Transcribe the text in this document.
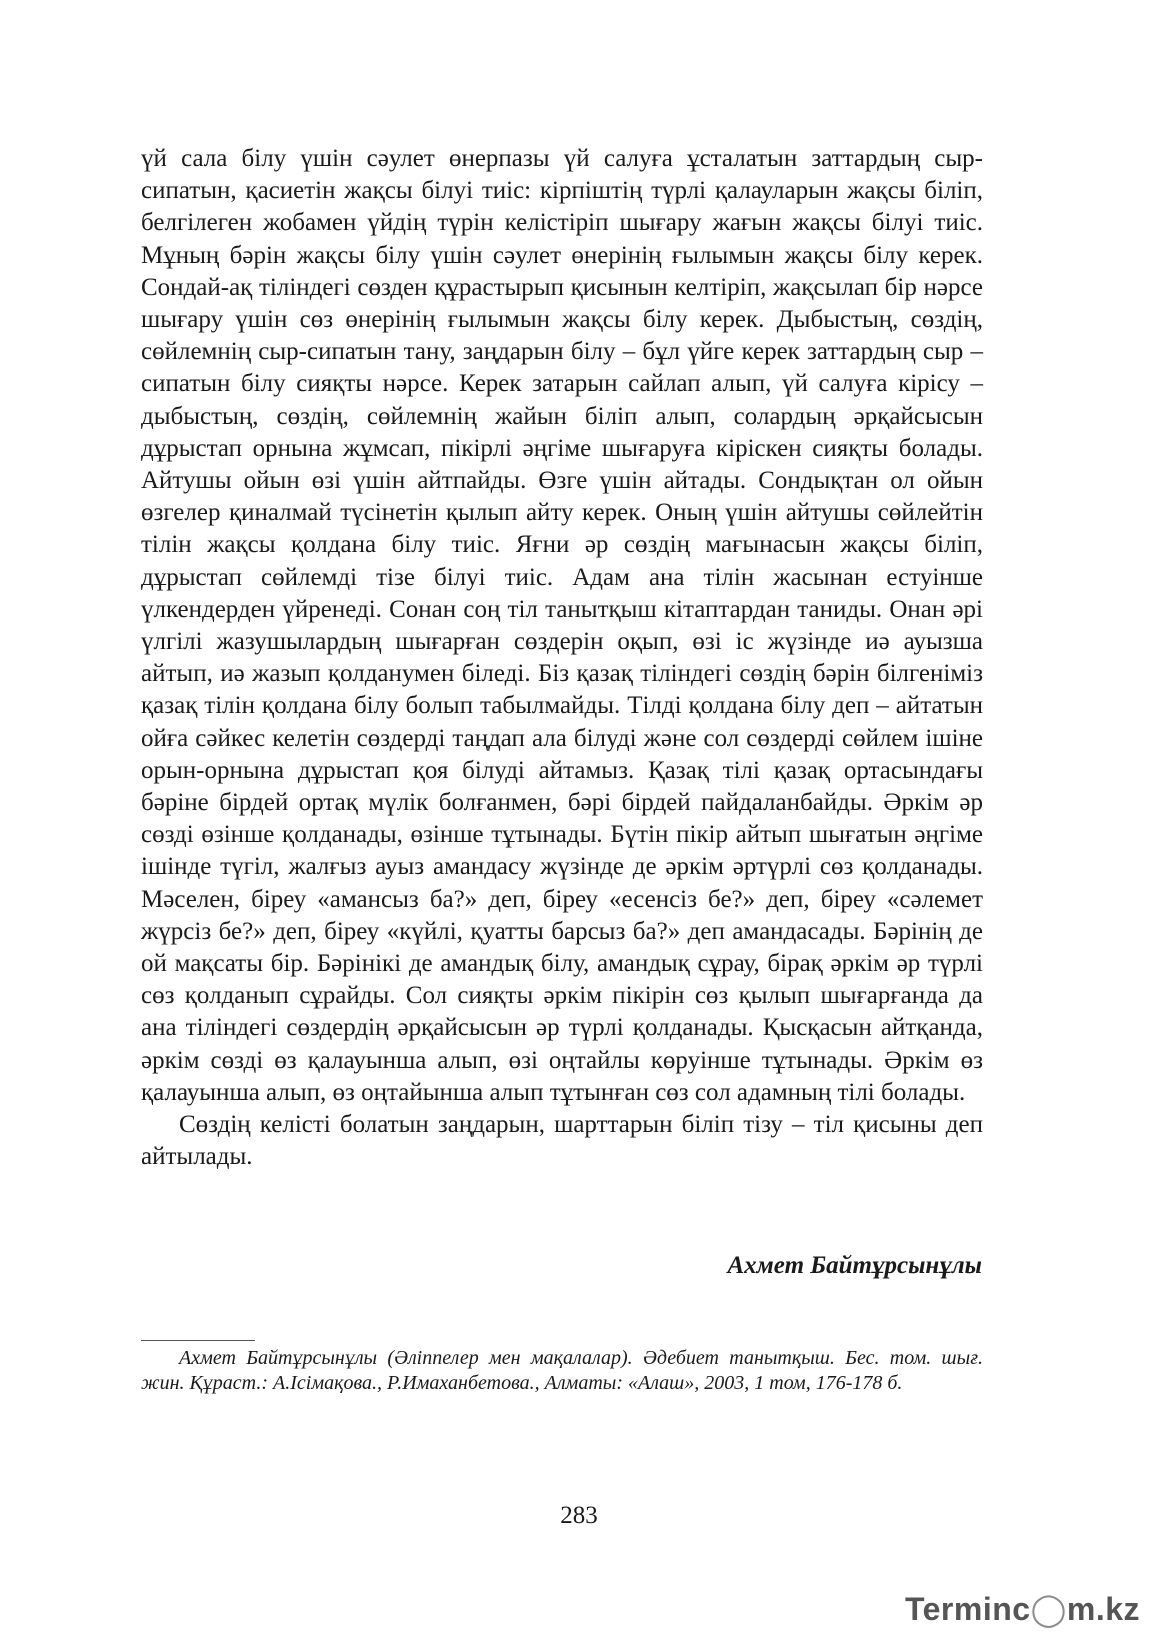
үй сала білу үшін сәулет өнерпазы үй салуға ұсталатын заттардың сыр-сипатын, қасиетін жақсы білуі тиіс: кірпіштің түрлі қалауларын жақсы біліп, белгілеген жобамен үйдің түрін келістіріп шығару жағын жақсы білуі тиіс. Мұның бәрін жақсы білу үшін сәулет өнерінің ғылымын жақсы білу керек. Сондай-ақ тіліндегі сөзден құрастырып қисынын келтіріп, жақсылап бір нәрсе шығару үшін сөз өнерінің ғылымын жақсы білу керек. Дыбыстың, сөздің, сөйлемнің сыр-сипатын тану, заңдарын білу – бұл үйге керек заттардың сыр –сипатын білу сияқты нәрсе. Керек затарын сайлап алып, үй салуға кірісу – дыбыстың, сөздің, сөйлемнің жайын біліп алып, солардың әрқайсысын дұрыстап орнына жұмсап, пікірлі әңгіме шығаруға кіріскен сияқты болады. Айтушы ойын өзі үшін айтпайды. Өзге үшін айтады. Сондықтан ол ойын өзгелер қиналмай түсінетін қылып айту керек. Оның үшін айтушы сөйлейтін тілін жақсы қолдана білу тиіс. Яғни әр сөздің мағынасын жақсы біліп, дұрыстап сөйлемді тізе білуі тиіс. Адам ана тілін жасынан естуінше үлкендерден үйренеді. Сонан соң тіл танытқыш кітаптардан таниды. Онан әрі үлгілі жазушылардың шығарған сөздерін оқып, өзі іс жүзінде иә ауызша айтып, иә жазып қолданумен біледі. Біз қазақ тіліндегі сөздің бәрін білгеніміз қазақ тілін қолдана білу болып табылмайды. Тілді қолдана білу деп – айтатын ойға сәйкес келетін сөздерді таңдап ала білуді және сол сөздерді сөйлем ішіне орын-орнына дұрыстап қоя білуді айтамыз. Қазақ тілі қазақ ортасындағы бәріне бірдей ортақ мүлік болғанмен, бәрі бірдей пайдаланбайды. Әркім әр сөзді өзінше қолданады, өзінше тұтынады. Бүтін пікір айтып шығатын әңгіме ішінде түгіл, жалғыз ауыз амандасу жүзінде де әркім әртүрлі сөз қолданады. Мәселен, біреу «амансыз ба?» деп, біреу «есенсіз бе?» деп, біреу «сәлемет жүрсіз бе?» деп, біреу «күйлі, қуатты барсыз ба?» деп амандасады. Бәрінің де ой мақсаты бір. Бәрінікі де амандық білу, амандық сұрау, бірақ әркім әр түрлі сөз қолданып сұрайды. Сол сияқты әркім пікірін сөз қылып шығарғанда да ана тіліндегі сөздердің әрқайсысын әр түрлі қолданады. Қысқасын айтқанда, әркім сөзді өз қалауынша алып, өзі оңтайлы көруінше тұтынады. Әркім өз қалауынша алып, өз оңтайынша алып тұтынған сөз сол адамның тілі болады.

Сөздің келісті болатын заңдарын, шарттарын біліп тізу – тіл қисыны деп айтылады.

Ахмет Байтұрсынұлы

Ахмет Байтұрсынұлы (Әліппелер мен мақалалар). Әдебиет танытқыш. Бес. том. шығ. жин. Құраст.: А.Ісімақова., Р.Имаханбетова., Алматы: «Алаш», 2003, 1 том, 176-178 б.

283
Terminc◯m.kz
